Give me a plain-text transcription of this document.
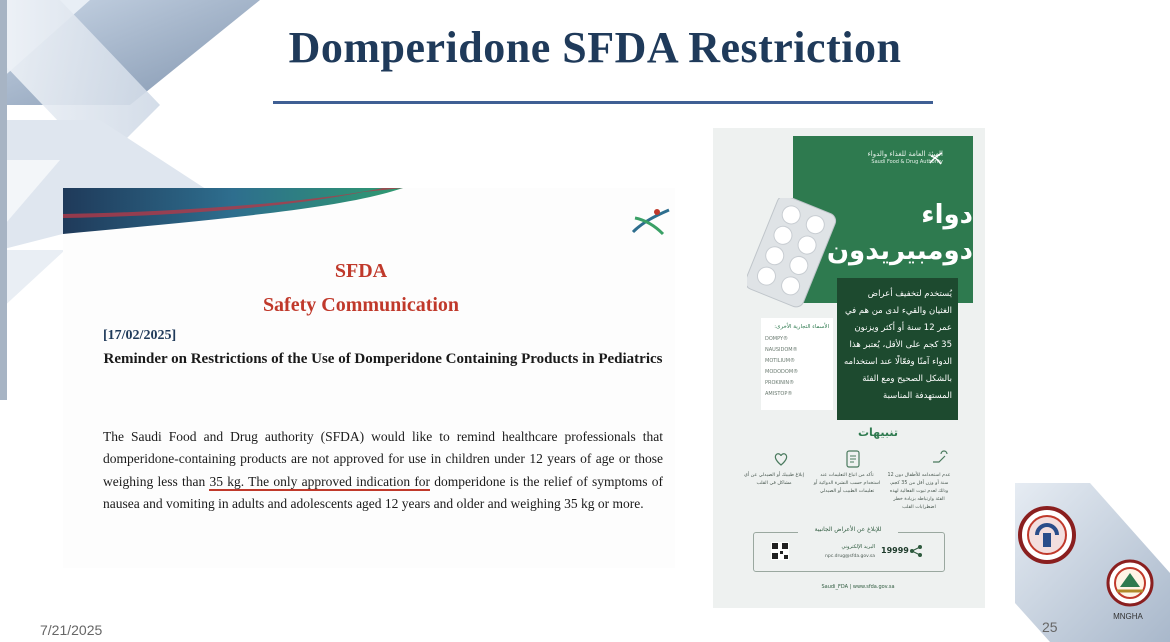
Domperidone SFDA Restriction
SFDA
Safety Communication
[17/02/2025]
Reminder on Restrictions of the Use of Domperidone Containing Products in Pediatrics
The Saudi Food and Drug authority (SFDA) would like to remind healthcare professionals that domperidone-containing products are not approved for use in children under 12 years of age or those weighing less than 35 kg. The only approved indication for domperidone is the relief of symptoms of nausea and vomiting in adults and adolescents aged 12 years and older and weighing 35 kg or more.
الهيئة العامة للغذاء والدواء
Saudi Food & Drug Authority
دواء
دومبيريدون
يُستخدم لتخفيف أعراض الغثيان والقيء لدى من هم في عمر 12 سنة أو أكثر ويزنون 35 كجم على الأقل، يُعتبر هذا الدواء آمنًا وفعّالًا عند استخدامه بالشكل الصحيح ومع الفئة المستهدفة المناسبة
الأسماء التجارية الأخرى:
DOMPY®
NAUSIDOM®
MOTILIUM®
MODODOM®
PROKININ®
AMISTOP®
تنبيهات
عدم استخدامه للأطفال دون 12 سنة أو وزن أقل من 35 كجم، وذلك لعدم ثبوت الفعالية لهذه الفئة وارتباطه بزيادة خطر اضطرابات القلب
تأكد من اتباع التعليمات عند استخدام حسب النشرة الدوائية أو تعليمات الطبيب أو الصيدلي
إبلاغ طبيبك أو الصيدلي عن أي مشاكل في القلب
للإبلاغ عن الأعراض الجانبية
البريد الإلكتروني
npc.drug@sfda.gov.sa
19999
Saudi_FDA | www.sfda.gov.sa
MNGHA
7/21/2025	25
